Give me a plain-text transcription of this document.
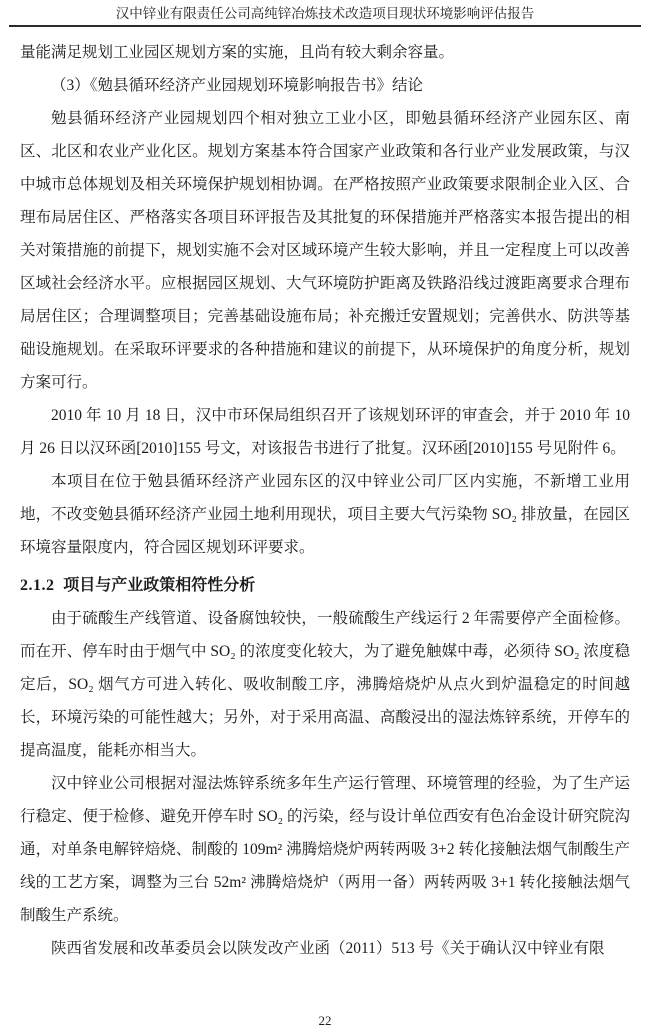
汉中锌业有限责任公司高纯锌冶炼技术改造项目现状环境影响评估报告

量能满足规划工业园区规划方案的实施，且尚有较大剩余容量。

（3）《勉县循环经济产业园规划环境影响报告书》结论

勉县循环经济产业园规划四个相对独立工业小区，即勉县循环经济产业园东区、南区、北区和农业产业化区。规划方案基本符合国家产业政策和各行业产业发展政策，与汉中城市总体规划及相关环境保护规划相协调。在严格按照产业政策要求限制企业入区、合理布局居住区、严格落实各项目环评报告及其批复的环保措施并严格落实本报告提出的相关对策措施的前提下，规划实施不会对区域环境产生较大影响，并且一定程度上可以改善区域社会经济水平。应根据园区规划、大气环境防护距离及铁路沿线过渡距离要求合理布局居住区；合理调整项目；完善基础设施布局；补充搬迁安置规划；完善供水、防洪等基础设施规划。在采取环评要求的各种措施和建议的前提下，从环境保护的角度分析，规划方案可行。

2010 年 10 月 18 日，汉中市环保局组织召开了该规划环评的审查会，并于 2010 年 10 月 26 日以汉环函[2010]155 号文，对该报告书进行了批复。汉环函[2010]155 号见附件 6。

本项目在位于勉县循环经济产业园东区的汉中锌业公司厂区内实施，不新增工业用地，不改变勉县循环经济产业园土地利用现状，项目主要大气污染物 SO₂ 排放量，在园区环境容量限度内，符合园区规划环评要求。

2.1.2 项目与产业政策相符性分析

由于硫酸生产线管道、设备腐蚀较快，一般硫酸生产线运行 2 年需要停产全面检修。而在开、停车时由于烟气中 SO₂ 的浓度变化较大，为了避免触媒中毒，必须待 SO₂ 浓度稳定后，SO₂ 烟气方可进入转化、吸收制酸工序，沸腾焙烧炉从点火到炉温稳定的时间越长，环境污染的可能性越大；另外，对于采用高温、高酸浸出的湿法炼锌系统，开停车的提高温度，能耗亦相当大。

汉中锌业公司根据对湿法炼锌系统多年生产运行管理、环境管理的经验，为了生产运行稳定、便于检修、避免开停车时 SO₂ 的污染，经与设计单位西安有色冶金设计研究院沟通，对单条电解锌焙烧、制酸的 109m² 沸腾焙烧炉两转两吸 3+2 转化接触法烟气制酸生产线的工艺方案，调整为三台 52m² 沸腾焙烧炉（两用一备）两转两吸 3+1 转化接触法烟气制酸生产系统。

陕西省发展和改革委员会以陕发改产业函（2011）513 号《关于确认汉中锌业有限

22
